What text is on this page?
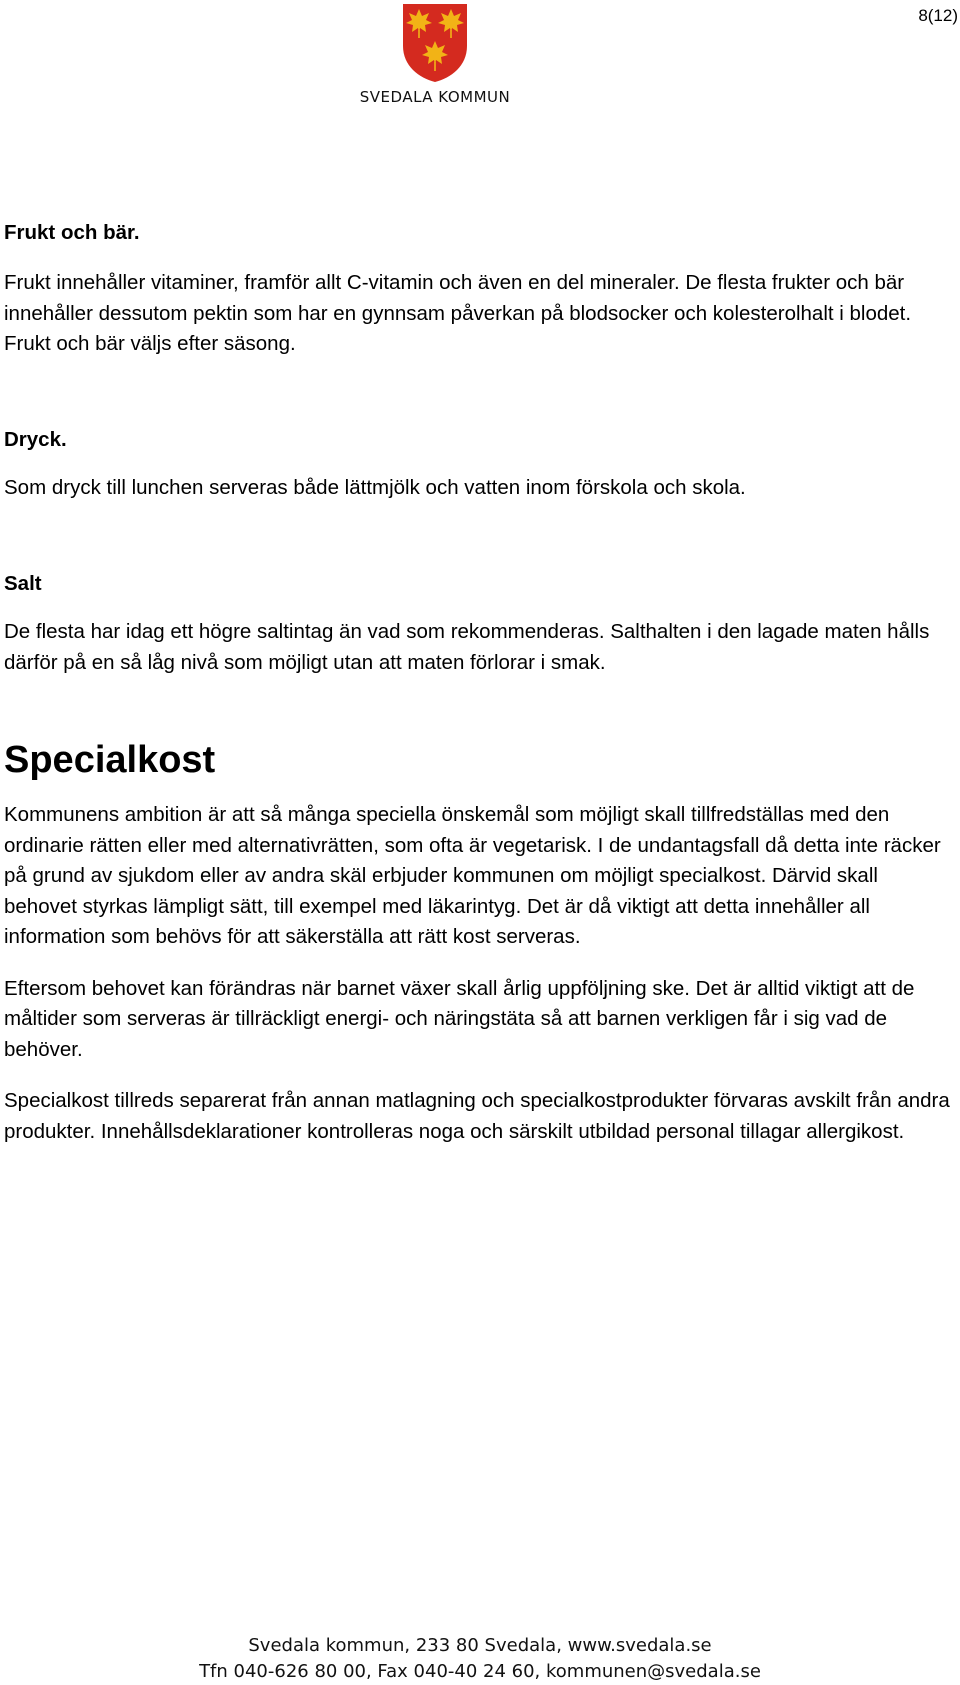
8(12)
SVEDALA KOMMUN
Frukt och bär.

Frukt innehåller vitaminer, framför allt C-vitamin och även en del mineraler. De flesta frukter och bär innehåller dessutom pektin som har en gynnsam påverkan på blodsocker och kolesterolhalt i blodet. Frukt och bär väljs efter säsong.

Dryck.

Som dryck till lunchen serveras både lättmjölk och vatten inom förskola och skola.

Salt

De flesta har idag ett högre saltintag än vad som rekommenderas. Salthalten i den lagade maten hålls därför på en så låg nivå som möjligt utan att maten förlorar i smak.

Specialkost

Kommunens ambition är att så många speciella önskemål som möjligt skall tillfredställas med den ordinarie rätten eller med alternativrätten, som ofta är vegetarisk. I de undantagsfall då detta inte räcker på grund av sjukdom eller av andra skäl erbjuder kommunen om möjligt specialkost. Därvid skall behovet styrkas lämpligt sätt, till exempel med läkarintyg. Det är då viktigt att detta innehåller all information som behövs för att säkerställa att rätt kost serveras.

Eftersom behovet kan förändras när barnet växer skall årlig uppföljning ske. Det är alltid viktigt att de måltider som serveras är tillräckligt energi- och näringstäta så att barnen verkligen får i sig vad de behöver.

Specialkost tillreds separerat från annan matlagning och specialkostprodukter förvaras avskilt från andra produkter. Innehållsdeklarationer kontrolleras noga och särskilt utbildad personal tillagar allergikost.

Svedala kommun, 233 80 Svedala, www.svedala.se
Tfn 040-626 80 00, Fax 040-40 24 60, kommunen@svedala.se
